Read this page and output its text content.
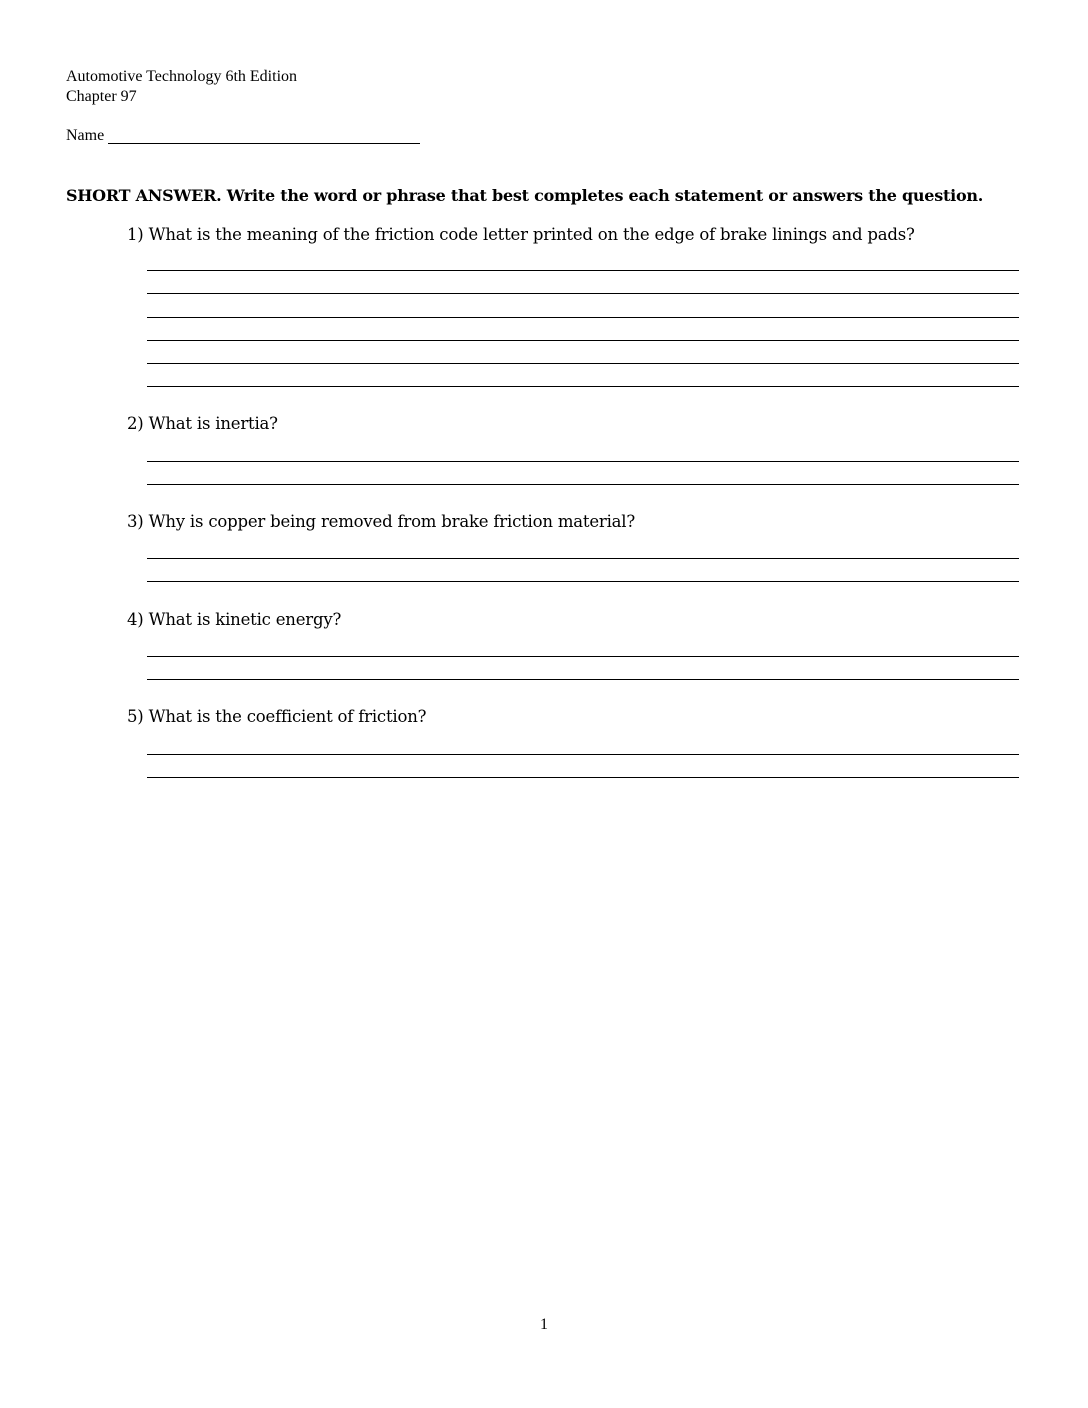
Automotive Technology 6th Edition
Chapter 97
Name
SHORT ANSWER. Write the word or phrase that best completes each statement or answers the question.
1) What is the meaning of the friction code letter printed on the edge of brake linings and pads?
2) What is inertia?
3) Why is copper being removed from brake friction material?
4) What is kinetic energy?
5) What is the coefficient of friction?
1
